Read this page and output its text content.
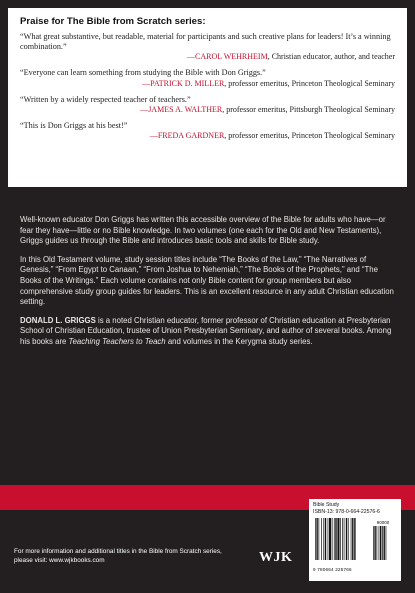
Praise for The Bible from Scratch series:
“What great substantive, but readable, material for participants and such creative plans for leaders! It’s a winning combination.”
—CAROL WEHRHEIM, Christian educator, author, and teacher
“Everyone can learn something from studying the Bible with Don Griggs.”
—PATRICK D. MILLER, professor emeritus, Princeton Theological Seminary
“Written by a widely respected teacher of teachers.”
—JAMES A. WALTHER, professor emeritus, Pittsburgh Theological Seminary
“This is Don Griggs at his best!”
—FREDA GARDNER, professor emeritus, Princeton Theological Seminary

Well-known educator Don Griggs has written this accessible overview of the Bible for adults who have—or fear they have—little or no Bible knowledge. In two volumes (one each for the Old and New Testaments), Griggs guides us through the Bible and introduces basic tools and skills for Bible study.

In this Old Testament volume, study session titles include “The Books of the Law,” “The Narratives of Genesis,” “From Egypt to Canaan,” “From Joshua to Nehemiah,” “The Books of the Prophets,” and “The Books of the Writings.” Each volume contains not only Bible content for group members but also comprehensive study group guides for leaders. This is an excellent resource in any adult Christian education setting.

DONALD L. GRIGGS is a noted Christian educator, former professor of Christian education at Presbyterian School of Christian Education, trustee of Union Presbyterian Seminary, and author of several books. Among his books are Teaching Teachers to Teach and volumes in the Kerygma study series.

For more information and additional titles in the Bible from Scratch series, please visit: www.wjkbooks.com	WJK
Bible Study
ISBN-13: 978-0-664-22576-6
90000
9 780664 225766
